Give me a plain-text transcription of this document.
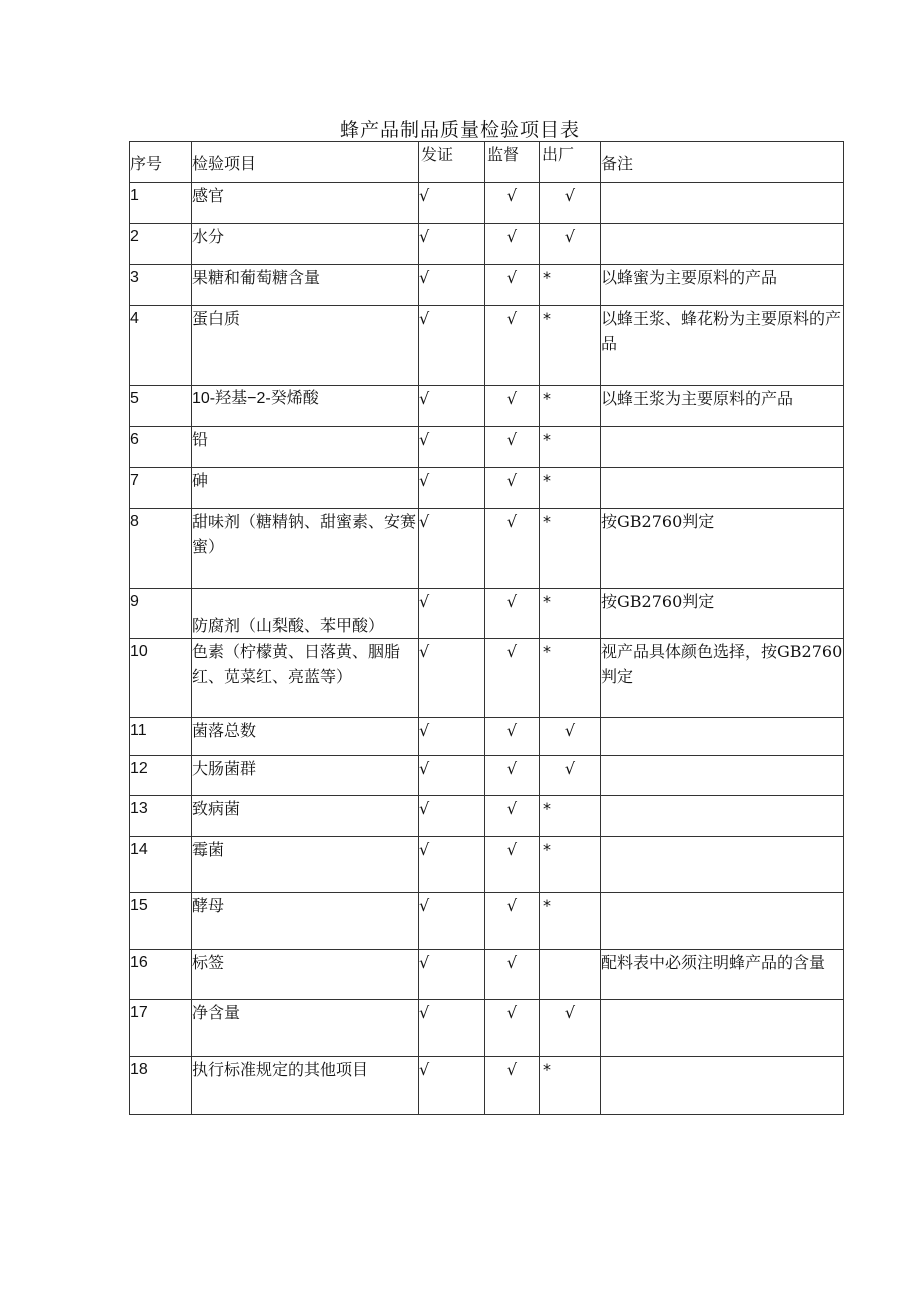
蜂产品制品质量检验项目表
序号	检验项目	发证	监督	出厂	备注
1	感官	√	√	√	
2	水分	√	√	√	
3	果糖和葡萄糖含量	√	√	*	以蜂蜜为主要原料的产品
4	蛋白质	√	√	*	以蜂王浆、蜂花粉为主要原料的产品
5	10-羟基−2-癸烯酸	√	√	*	以蜂王浆为主要原料的产品
6	铅	√	√	*	
7	砷	√	√	*	
8	甜味剂（糖精钠、甜蜜素、安赛蜜）	√	√	*	按GB2760判定
9	防腐剂（山梨酸、苯甲酸）	√	√	*	按GB2760判定
10	色素（柠檬黄、日落黄、胭脂红、苋菜红、亮蓝等）	√	√	*	视产品具体颜色选择，按GB2760判定
11	菌落总数	√	√	√	
12	大肠菌群	√	√	√	
13	致病菌	√	√	*	
14	霉菌	√	√	*	
15	酵母	√	√	*	
16	标签	√	√		配料表中必须注明蜂产品的含量
17	净含量	√	√	√	
18	执行标准规定的其他项目	√	√	*	
